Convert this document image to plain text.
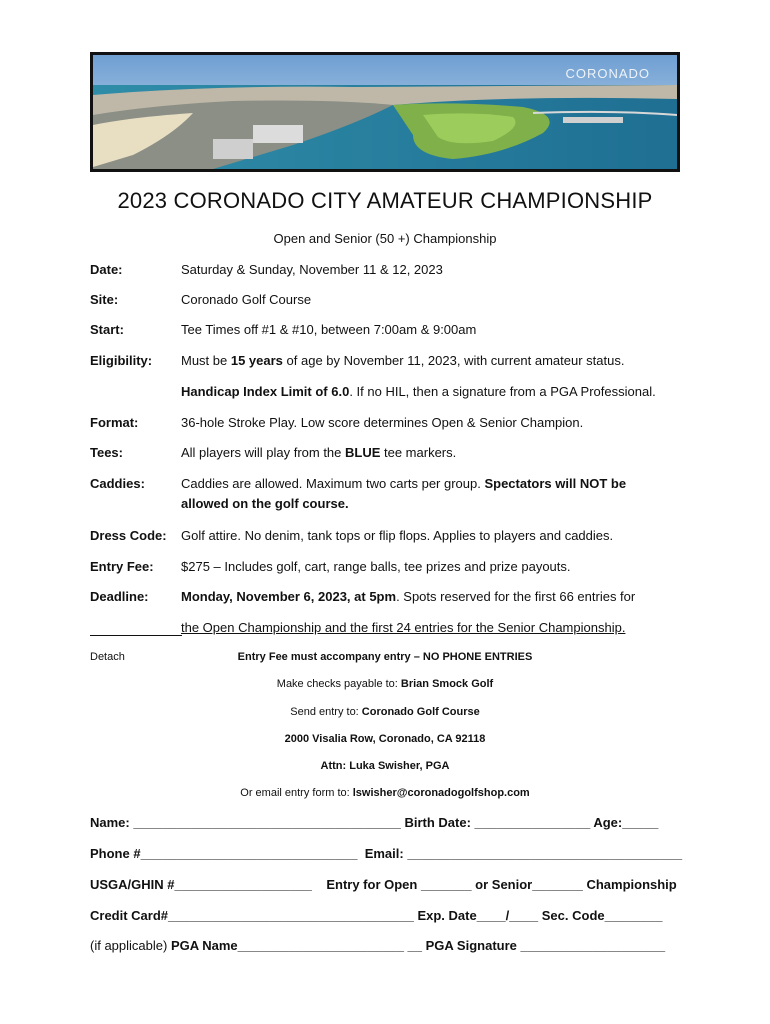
CORONADO
2023 CORONADO CITY AMATEUR CHAMPIONSHIP
Open and Senior (50 +) Championship
Date:	Saturday & Sunday, November 11 & 12, 2023
Site:	Coronado Golf Course
Start:	Tee Times off #1 & #10, between 7:00am & 9:00am
Eligibility: Must be 15 years of age by November 11, 2023, with current amateur status.
Handicap Index Limit of 6.0. If no HIL, then a signature from a PGA Professional.
Format:	36-hole Stroke Play. Low score determines Open & Senior Champion.
Tees:	All players will play from the BLUE tee markers.
Caddies:	Caddies are allowed. Maximum two carts per group. Spectators will NOT be
allowed on the golf course.
Dress Code: Golf attire. No denim, tank tops or flip flops. Applies to players and caddies.
Entry Fee: $275 – Includes golf, cart, range balls, tee prizes and prize payouts.
Deadline: Monday, November 6, 2023, at 5pm. Spots reserved for the first 66 entries for
the Open Championship and the first 24 entries for the Senior Championship.
Detach	Entry Fee must accompany entry – NO PHONE ENTRIES
Make checks payable to: Brian Smock Golf
Send entry to: Coronado Golf Course
2000 Visalia Row, Coronado, CA 92118
Attn: Luka Swisher, PGA
Or email entry form to: lswisher@coronadogolfshop.com
Name: _____________________________________ Birth Date: ________________ Age:_____
Phone #______________________________  Email: ______________________________________
USGA/GHIN #___________________    Entry for Open _______ or Senior_______ Championship
Credit Card#__________________________________ Exp. Date____/____ Sec. Code________
(if applicable) PGA Name_______________________ __ PGA Signature ____________________
